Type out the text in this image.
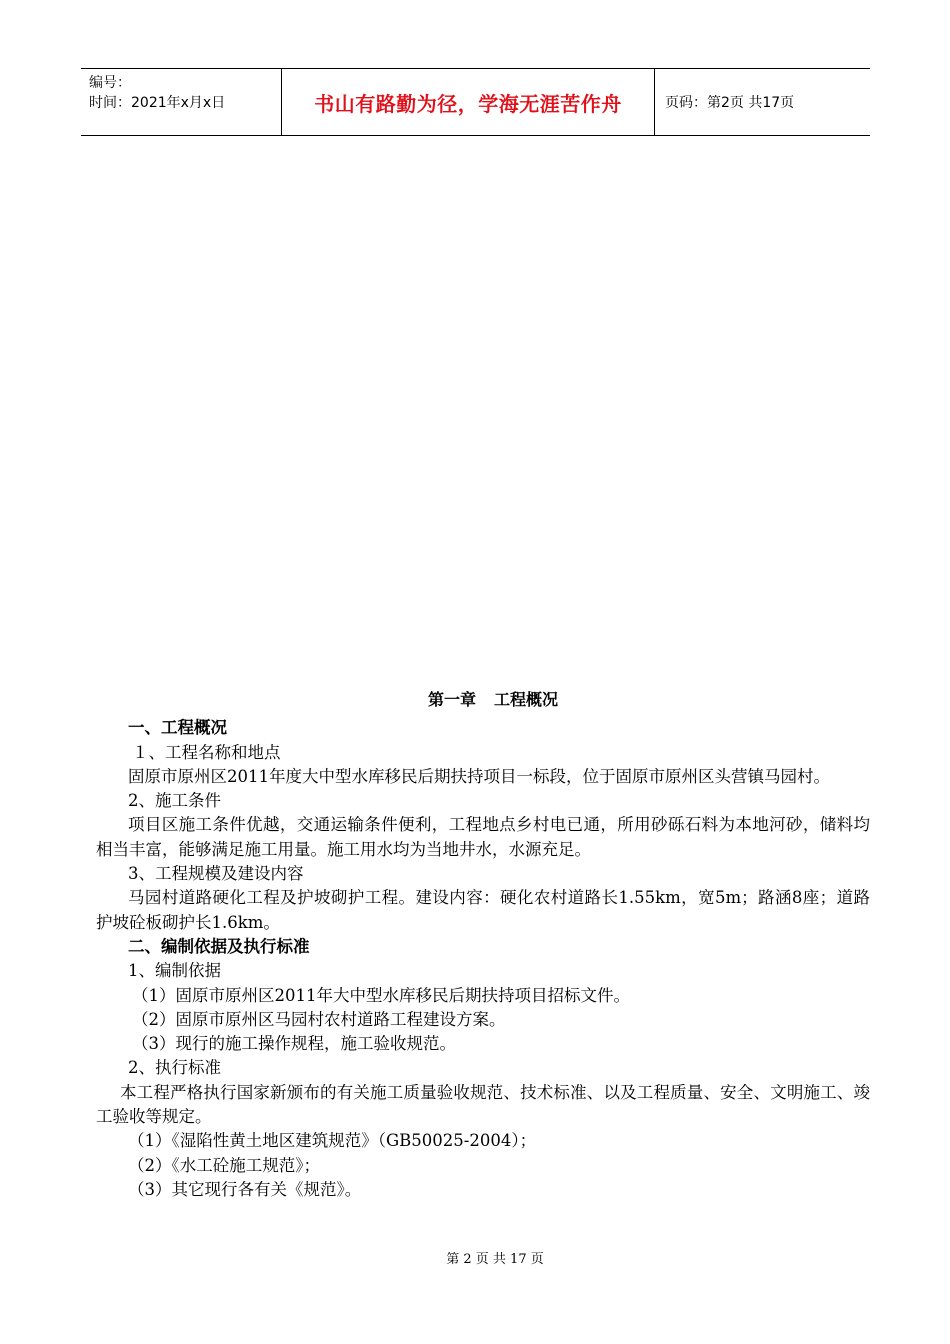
编号：
时间：2021年x月x日	书山有路勤为径，学海无涯苦作舟	页码：第2页 共17页
第一章 工程概况
一、工程概况
１、工程名称和地点
固原市原州区2011年度大中型水库移民后期扶持项目一标段，位于固原市原州区头营镇马园村。
2、施工条件
项目区施工条件优越，交通运输条件便利，工程地点乡村电已通，所用砂砾石料为本地河砂，储料均相当丰富，能够满足施工用量。施工用水均为当地井水，水源充足。
3、工程规模及建设内容
马园村道路硬化工程及护坡砌护工程。建设内容：硬化农村道路长1.55km，宽5m；路涵8座；道路护坡砼板砌护长1.6km。
二、编制依据及执行标准
1、编制依据
（1）固原市原州区2011年大中型水库移民后期扶持项目招标文件。
（2）固原市原州区马园村农村道路工程建设方案。
（3）现行的施工操作规程，施工验收规范。
2、执行标准
本工程严格执行国家新颁布的有关施工质量验收规范、技术标准、以及工程质量、安全、文明施工、竣工验收等规定。
（1）《湿陷性黄土地区建筑规范》（GB50025-2004）；
（2）《水工砼施工规范》；
（3）其它现行各有关《规范》。
第 2 页 共 17 页
